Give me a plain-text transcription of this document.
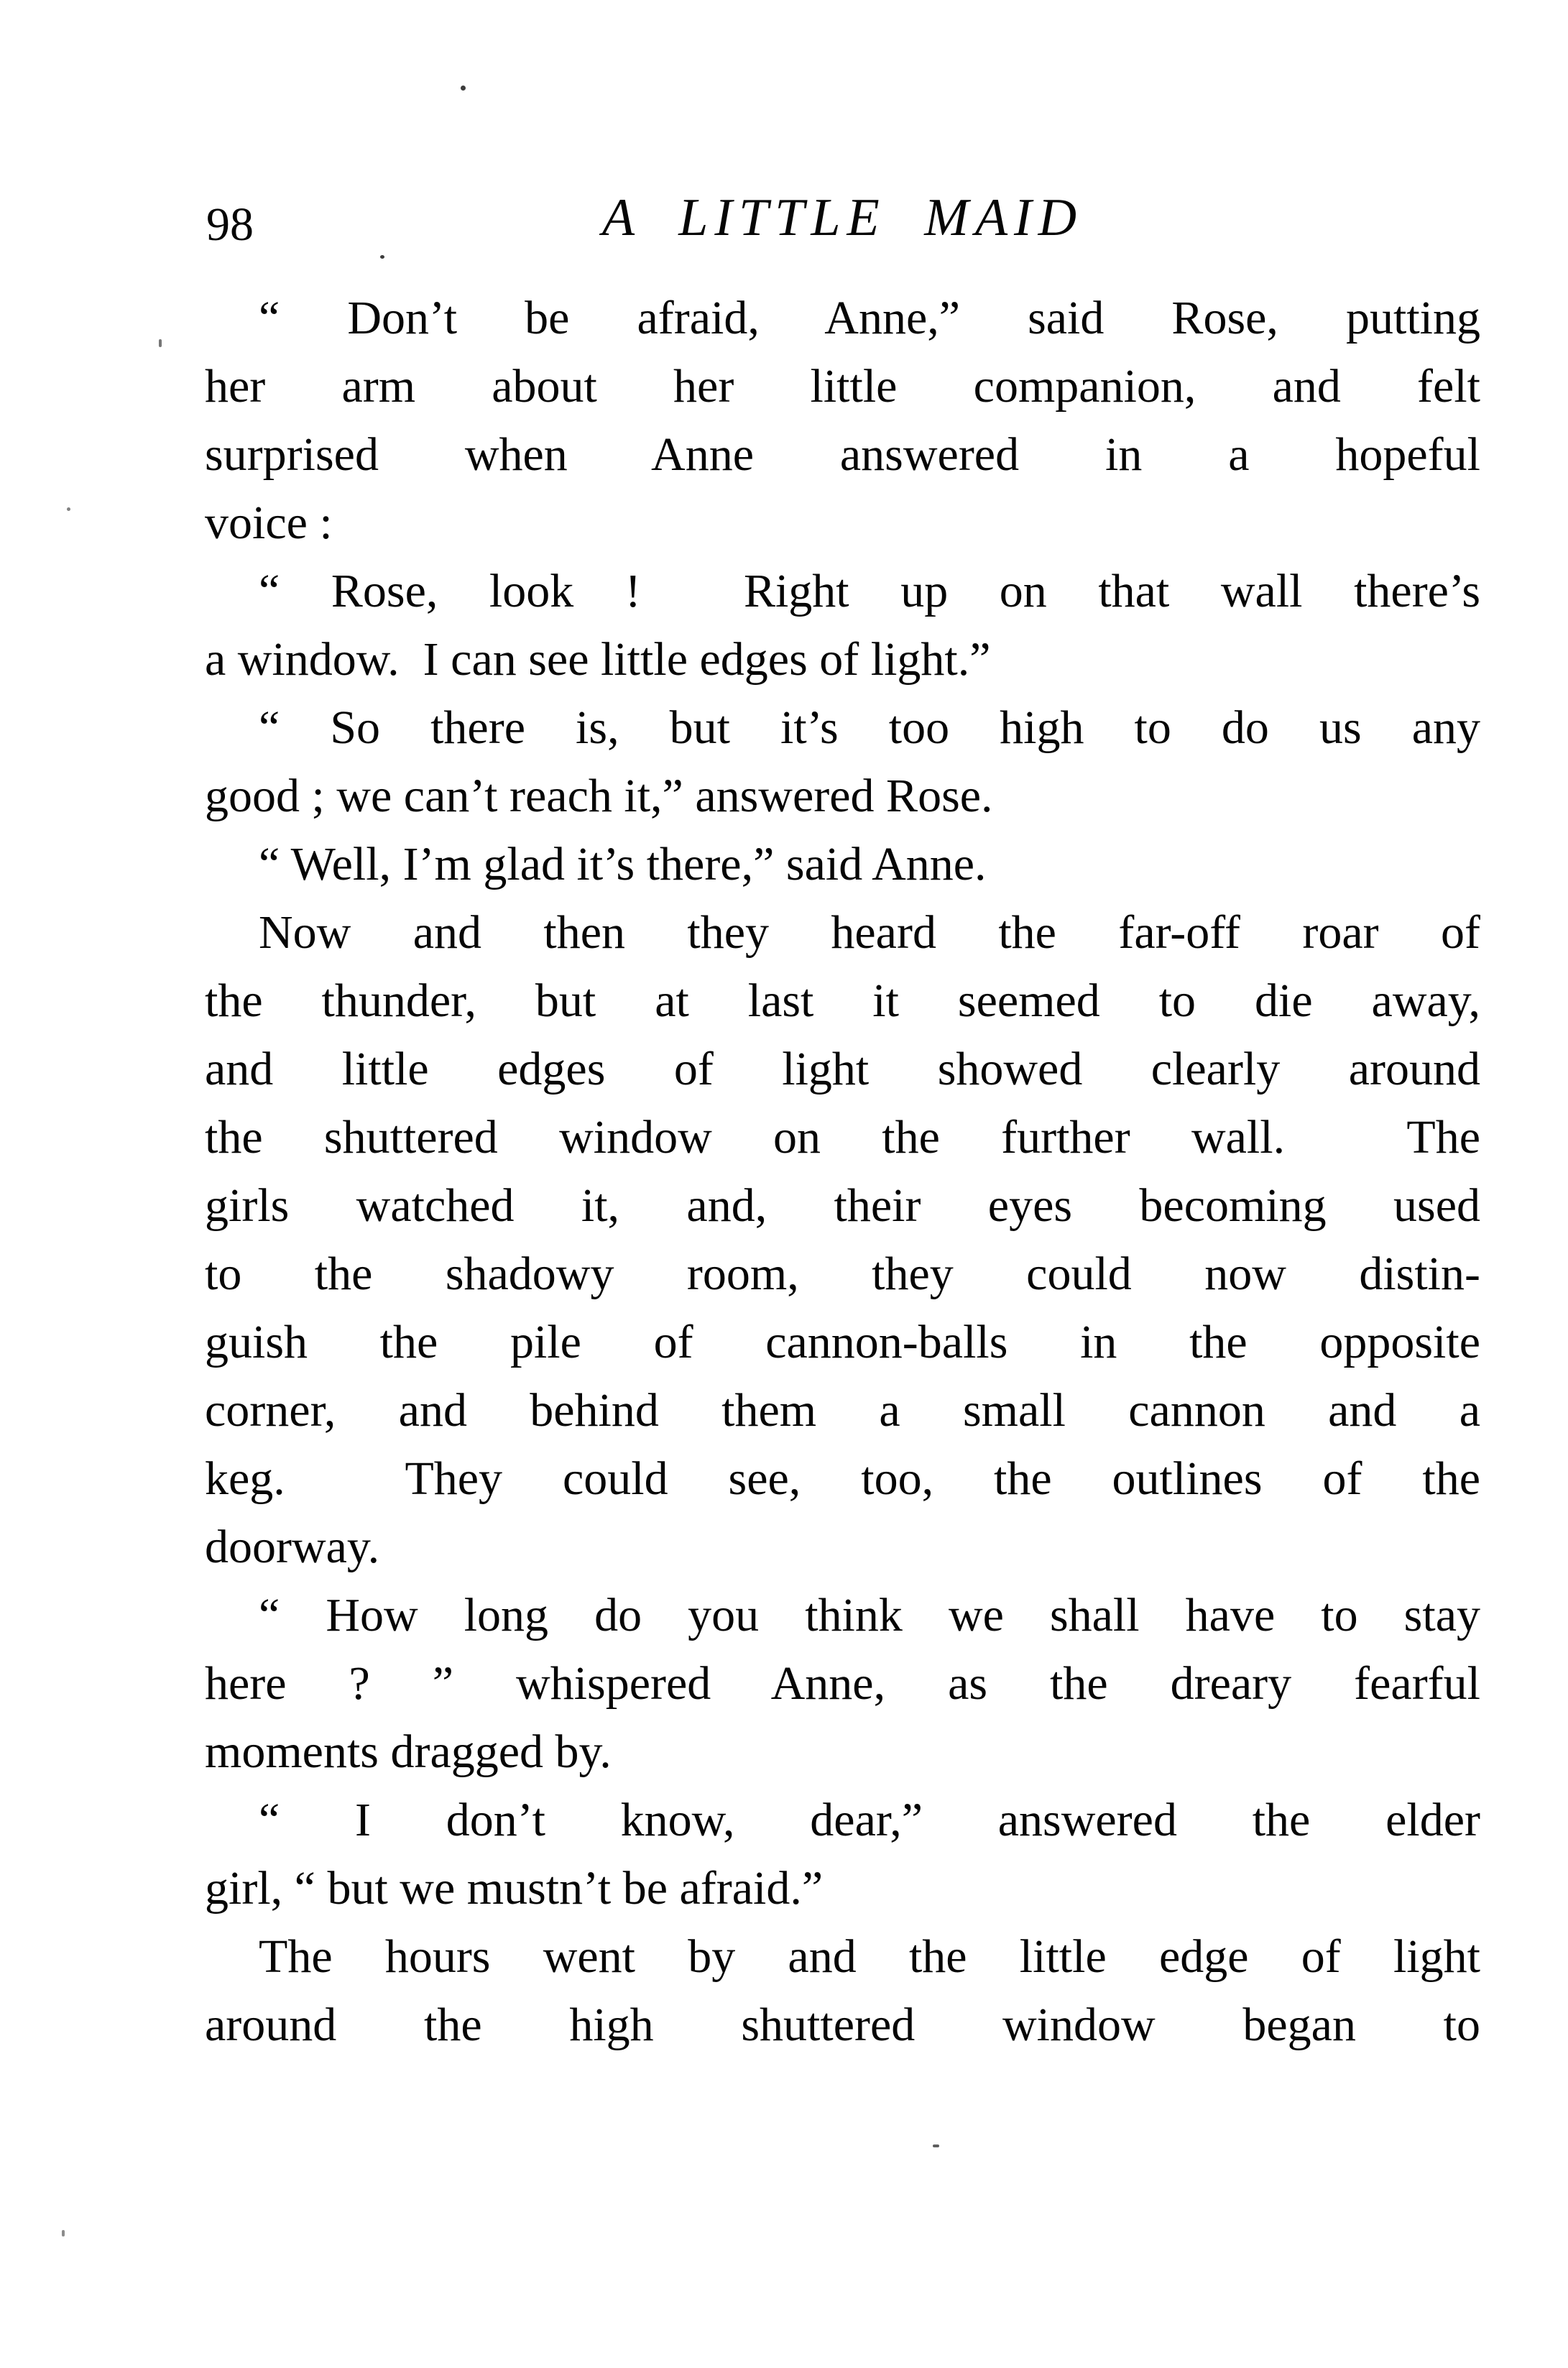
98	A LITTLE MAID
“ Don’t be afraid, Anne,” said Rose, putting
her arm about her little companion, and felt
surprised when Anne answered in a hopeful
voice :
“ Rose, look !  Right up on that wall there’s
a window.  I can see little edges of light.”
“ So there is, but it’s too high to do us any
good ; we can’t reach it,” answered Rose.
“ Well, I’m glad it’s there,” said Anne.
Now and then they heard the far-off roar of
the thunder, but at last it seemed to die away,
and little edges of light showed clearly around
the shuttered window on the further wall.  The
girls watched it, and, their eyes becoming used
to the shadowy room, they could now distin-
guish the pile of cannon-balls in the opposite
corner, and behind them a small cannon and a
keg.  They could see, too, the outlines of the
doorway.
“ How long do you think we shall have to stay
here ? ” whispered Anne, as the dreary fearful
moments dragged by.
“ I don’t know, dear,” answered the elder
girl, “ but we mustn’t be afraid.”
The hours went by and the little edge of light
around the high shuttered window began to
